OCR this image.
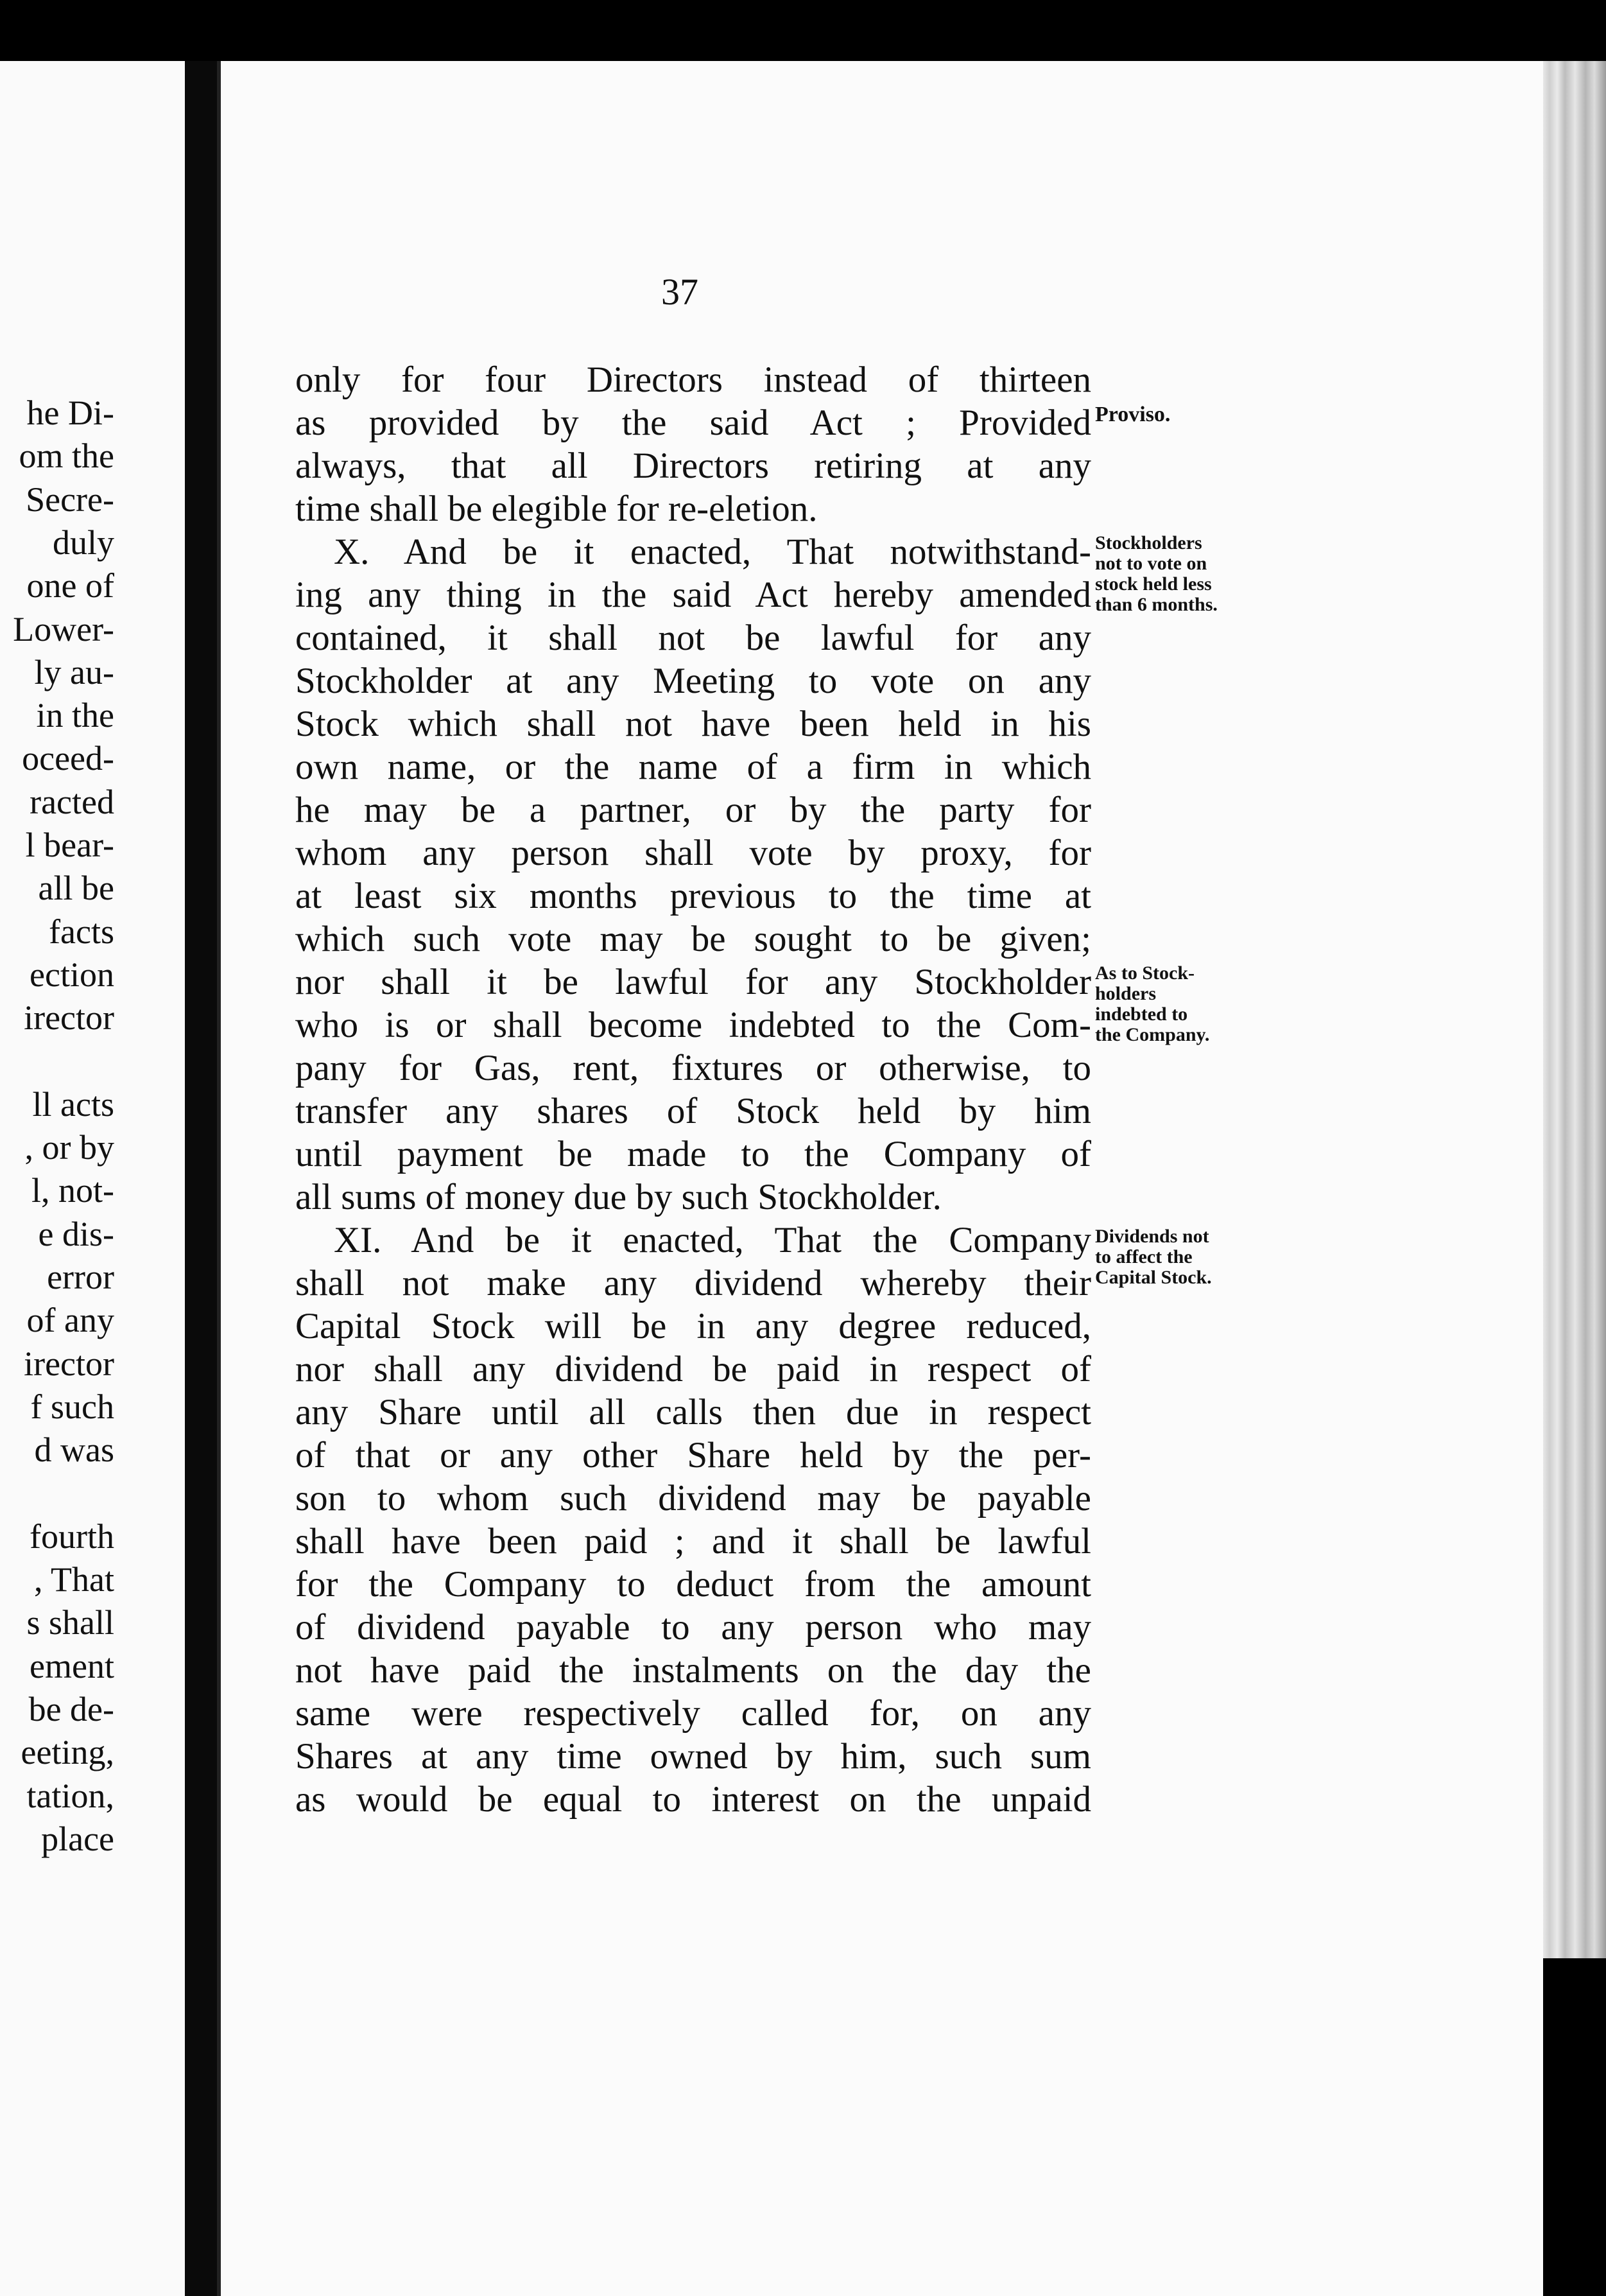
he Di-
om the
Secre-
duly
one of
Lower-
ly au-
in the
oceed-
racted
l bear-
all be
facts
ection
irector
ll acts
, or by
l, not-
e dis-
error
of any
irector
f such
d was
fourth
, That
s shall
ement
be de-
eeting,
tation,
place
37
only for four Directors instead of thirteen
as provided by the said Act ; Provided
always, that all Directors retiring at any
time shall be elegible for re-eletion.
X. And be it enacted, That notwithstand-
ing any thing in the said Act hereby amended
contained, it shall not be lawful for any
Stockholder at any Meeting to vote on any
Stock which shall not have been held in his
own name, or the name of a firm in which
he may be a partner, or by the party for
whom any person shall vote by proxy, for
at least six months previous to the time at
which such vote may be sought to be given;
nor shall it be lawful for any Stockholder
who is or shall become indebted to the Com-
pany for Gas, rent, fixtures or otherwise, to
transfer any shares of Stock held by him
until payment be made to the Company of
all sums of money due by such Stockholder.
XI. And be it enacted, That the Company
shall not make any dividend whereby their
Capital Stock will be in any degree reduced,
nor shall any dividend be paid in respect of
any Share until all calls then due in respect
of that or any other Share held by the per-
son to whom such dividend may be payable
shall have been paid ; and it shall be lawful
for the Company to deduct from the amount
of dividend payable to any person who may
not have paid the instalments on the day the
same were respectively called for, on any
Shares at any time owned by him, such sum
as would be equal to interest on the unpaid
Proviso.
Stockholders
not to vote on
stock held less
than 6 months.
As to Stock-
holders
indebted to
the Company.
Dividends not
to affect the
Capital Stock.
